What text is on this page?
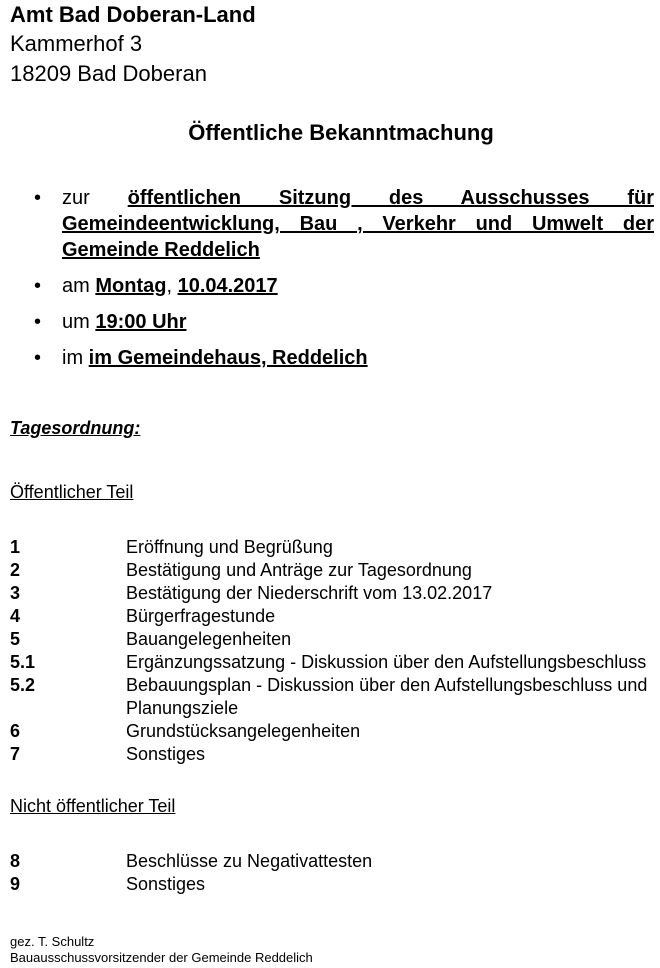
Amt Bad Doberan-Land
Kammerhof 3
18209 Bad Doberan
Öffentliche Bekanntmachung
• zur öffentlichen Sitzung des Ausschusses für Gemeindeentwicklung, Bau , Verkehr und Umwelt der Gemeinde Reddelich
• am Montag, 10.04.2017
• um 19:00 Uhr
• im im Gemeindehaus, Reddelich
Tagesordnung:
Öffentlicher Teil
1	Eröffnung und Begrüßung
2	Bestätigung und Anträge zur Tagesordnung
3	Bestätigung der Niederschrift vom 13.02.2017
4	Bürgerfragestunde
5	Bauangelegenheiten
5.1	Ergänzungssatzung - Diskussion über den Aufstellungsbeschluss
5.2	Bebauungsplan - Diskussion über den Aufstellungsbeschluss und Planungsziele
6	Grundstücksangelegenheiten
7	Sonstiges
Nicht öffentlicher Teil
8	Beschlüsse zu Negativattesten
9	Sonstiges
gez. T. Schultz
Bauausschussvorsitzender der Gemeinde Reddelich
